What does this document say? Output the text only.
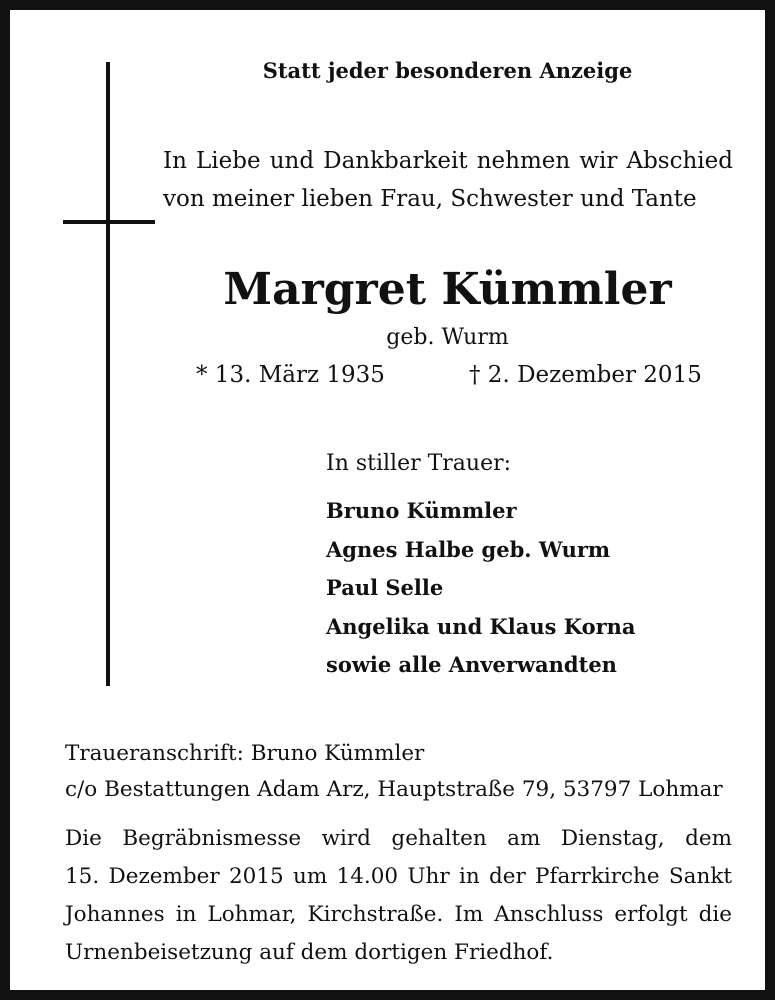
Statt jeder besonderen Anzeige

In Liebe und Dankbarkeit nehmen wir Abschied
von meiner lieben Frau, Schwester und Tante

Margret Kümmler

geb. Wurm

* 13. März 1935	† 2. Dezember 2015

In stiller Trauer:

Bruno Kümmler
Agnes Halbe geb. Wurm
Paul Selle
Angelika und Klaus Korna
sowie alle Anverwandten

Traueranschrift: Bruno Kümmler
c/o Bestattungen Adam Arz, Hauptstraße 79, 53797 Lohmar

Die Begräbnismesse wird gehalten am Dienstag, dem
15. Dezember 2015 um 14.00 Uhr in der Pfarrkirche Sankt
Johannes in Lohmar, Kirchstraße. Im Anschluss erfolgt die
Urnenbeisetzung auf dem dortigen Friedhof.
